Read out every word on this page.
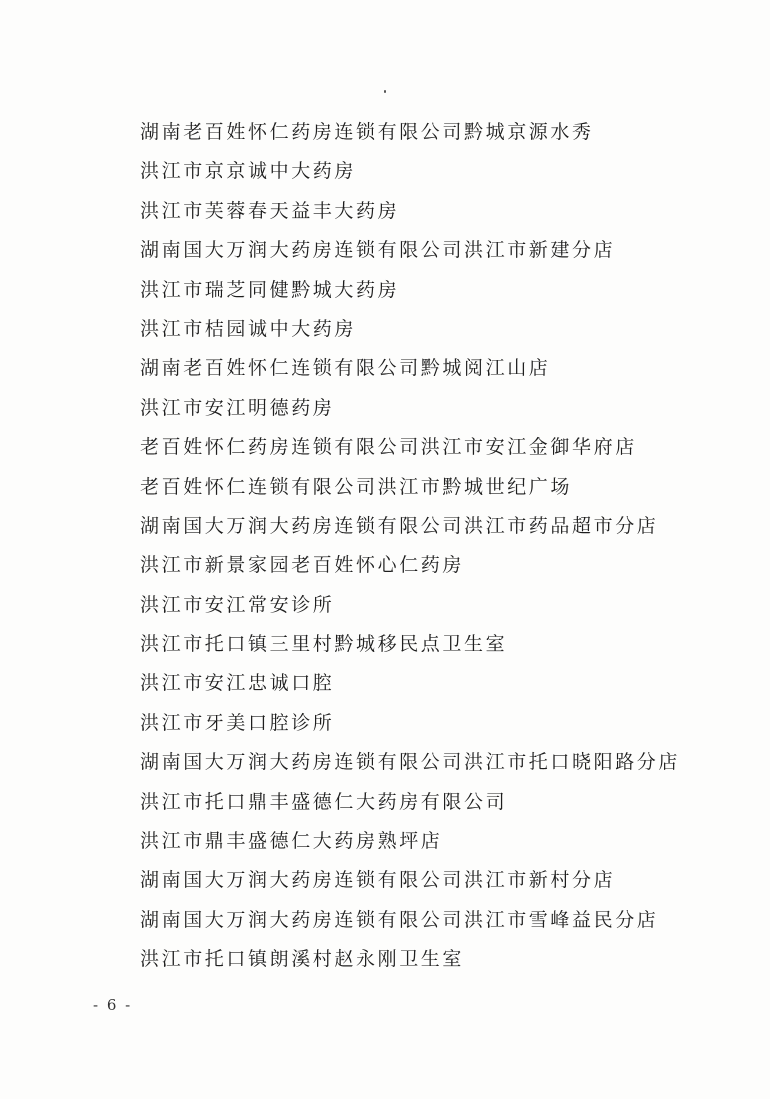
湖南老百姓怀仁药房连锁有限公司黔城京源水秀
洪江市京京诚中大药房
洪江市芙蓉春天益丰大药房
湖南国大万润大药房连锁有限公司洪江市新建分店
洪江市瑞芝同健黔城大药房
洪江市桔园诚中大药房
湖南老百姓怀仁连锁有限公司黔城阅江山店
洪江市安江明德药房
老百姓怀仁药房连锁有限公司洪江市安江金御华府店
老百姓怀仁连锁有限公司洪江市黔城世纪广场
湖南国大万润大药房连锁有限公司洪江市药品超市分店
洪江市新景家园老百姓怀心仁药房
洪江市安江常安诊所
洪江市托口镇三里村黔城移民点卫生室
洪江市安江忠诚口腔
洪江市牙美口腔诊所
湖南国大万润大药房连锁有限公司洪江市托口晓阳路分店
洪江市托口鼎丰盛德仁大药房有限公司
洪江市鼎丰盛德仁大药房熟坪店
湖南国大万润大药房连锁有限公司洪江市新村分店
湖南国大万润大药房连锁有限公司洪江市雪峰益民分店
洪江市托口镇朗溪村赵永刚卫生室
- 6 -
